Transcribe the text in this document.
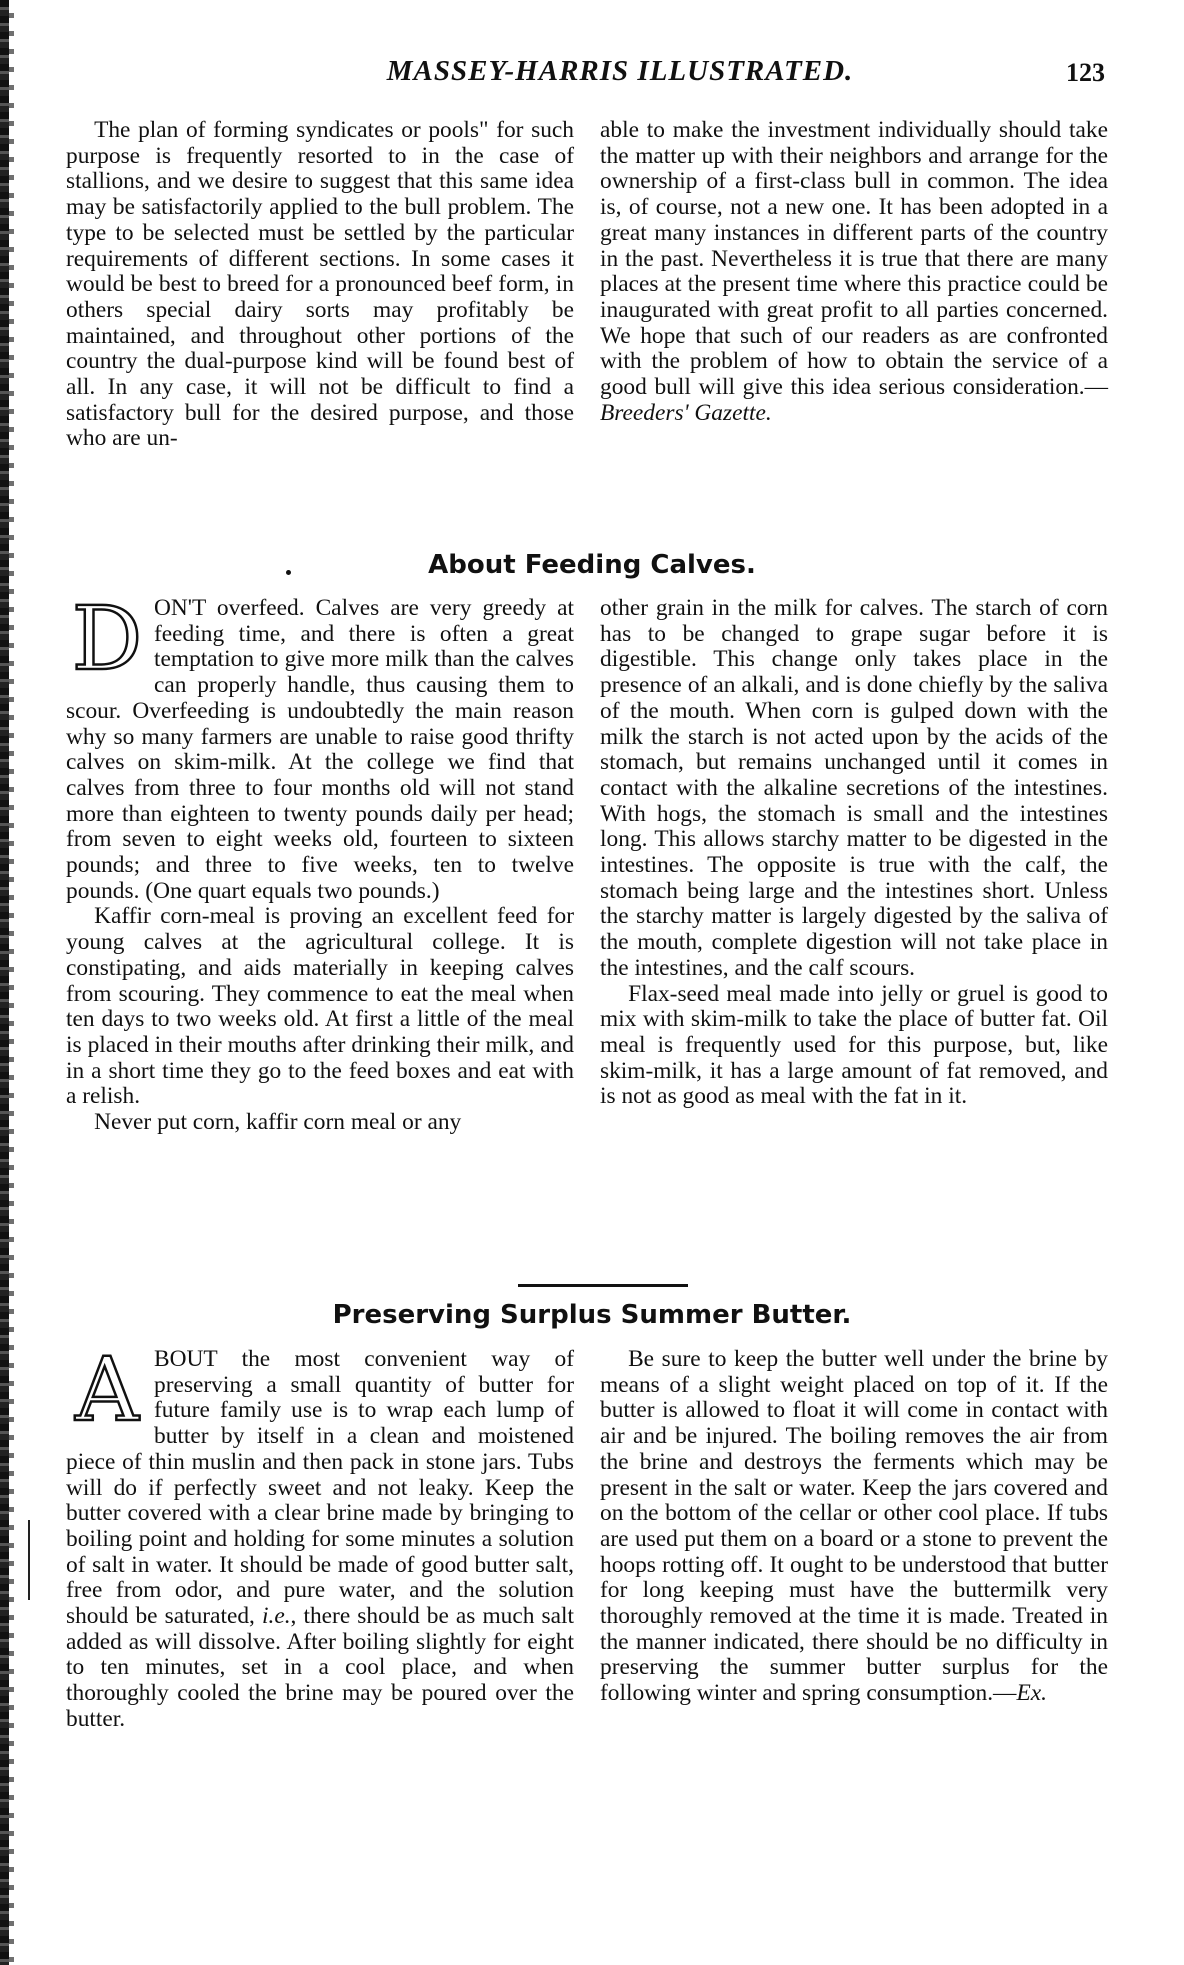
MASSEY-HARRIS ILLUSTRATED.	123

The plan of forming syndicates or pools" for such purpose is frequently resorted to in the case of stallions, and we desire to suggest that this same idea may be satisfactorily applied to the bull problem. The type to be selected must be settled by the particular requirements of different sections. In some cases it would be best to breed for a pronounced beef form, in others special dairy sorts may profitably be maintained, and throughout other portions of the country the dual-purpose kind will be found best of all. In any case, it will not be difficult to find a satisfactory bull for the desired purpose, and those who are un-

able to make the investment individually should take the matter up with their neighbors and arrange for the ownership of a first-class bull in common. The idea is, of course, not a new one. It has been adopted in a great many instances in different parts of the country in the past. Nevertheless it is true that there are many places at the present time where this practice could be inaugurated with great profit to all parties concerned. We hope that such of our readers as are confronted with the problem of how to obtain the service of a good bull will give this idea serious consideration.—Breeders' Gazette.

About Feeding Calves.

DON'T overfeed. Calves are very greedy at feeding time, and there is often a great temptation to give more milk than the calves can properly handle, thus causing them to scour. Overfeeding is undoubtedly the main reason why so many farmers are unable to raise good thrifty calves on skim-milk. At the college we find that calves from three to four months old will not stand more than eighteen to twenty pounds daily per head; from seven to eight weeks old, fourteen to sixteen pounds; and three to five weeks, ten to twelve pounds. (One quart equals two pounds.)

Kaffir corn-meal is proving an excellent feed for young calves at the agricultural college. It is constipating, and aids materially in keeping calves from scouring. They commence to eat the meal when ten days to two weeks old. At first a little of the meal is placed in their mouths after drinking their milk, and in a short time they go to the feed boxes and eat with a relish.

Never put corn, kaffir corn meal or any

other grain in the milk for calves. The starch of corn has to be changed to grape sugar before it is digestible. This change only takes place in the presence of an alkali, and is done chiefly by the saliva of the mouth. When corn is gulped down with the milk the starch is not acted upon by the acids of the stomach, but remains unchanged until it comes in contact with the alkaline secretions of the intestines. With hogs, the stomach is small and the intestines long. This allows starchy matter to be digested in the intestines. The opposite is true with the calf, the stomach being large and the intestines short. Unless the starchy matter is largely digested by the saliva of the mouth, complete digestion will not take place in the intestines, and the calf scours.

Flax-seed meal made into jelly or gruel is good to mix with skim-milk to take the place of butter fat. Oil meal is frequently used for this purpose, but, like skim-milk, it has a large amount of fat removed, and is not as good as meal with the fat in it.

Preserving Surplus Summer Butter.

ABOUT the most convenient way of preserving a small quantity of butter for future family use is to wrap each lump of butter by itself in a clean and moistened piece of thin muslin and then pack in stone jars. Tubs will do if perfectly sweet and not leaky. Keep the butter covered with a clear brine made by bringing to boiling point and holding for some minutes a solution of salt in water. It should be made of good butter salt, free from odor, and pure water, and the solution should be saturated, i.e., there should be as much salt added as will dissolve. After boiling slightly for eight to ten minutes, set in a cool place, and when thoroughly cooled the brine may be poured over the butter.

Be sure to keep the butter well under the brine by means of a slight weight placed on top of it. If the butter is allowed to float it will come in contact with air and be injured. The boiling removes the air from the brine and destroys the ferments which may be present in the salt or water. Keep the jars covered and on the bottom of the cellar or other cool place. If tubs are used put them on a board or a stone to prevent the hoops rotting off. It ought to be understood that butter for long keeping must have the buttermilk very thoroughly removed at the time it is made. Treated in the manner indicated, there should be no difficulty in preserving the summer butter surplus for the following winter and spring consumption.—Ex.
